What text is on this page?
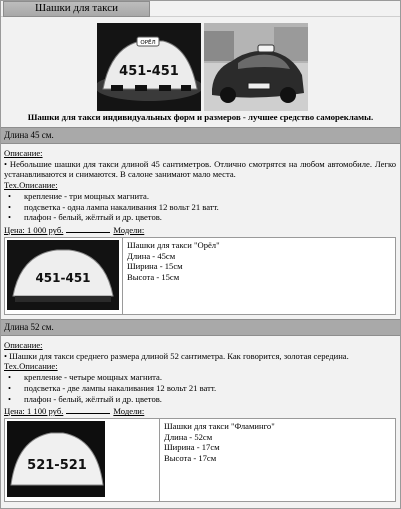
Шашки для такси
ОРЁЛ
451-451
Шашки для такси индивидуальных форм и размеров - лучшее средство саморекламы.
Длина 45 см.
Описание:
• Небольшие шашки для такси длиной 45 сантиметров. Отлично смотрятся на любом автомобиле. Легко устанавливаются и снимаются. В салоне занимают мало места.
Тех.Описание:
• крепление - три мощных магнита.
• подсветка - одна лампа накаливания 12 вольт 21 ватт.
• плафон - белый, жёлтый и др. цветов.
Цена: 1 000 руб.	Модели:
451-451
Шашки для такси "Орёл"
Длина - 45см
Ширина - 15см
Высота - 15см
Длина 52 см.
Описание:
• Шашки для такси среднего размера длиной 52 сантиметра. Как говорится, золотая середина.
Тех.Описание:
• крепление - четыре мощных магнита.
• подсветка - две лампы накаливания 12 вольт 21 ватт.
• плафон - белый, жёлтый и др. цветов.
Цена: 1 100 руб.	Модели:
521-521
Шашки для такси "Фламинго"
Длина - 52см
Ширина - 17см
Высота - 17см
